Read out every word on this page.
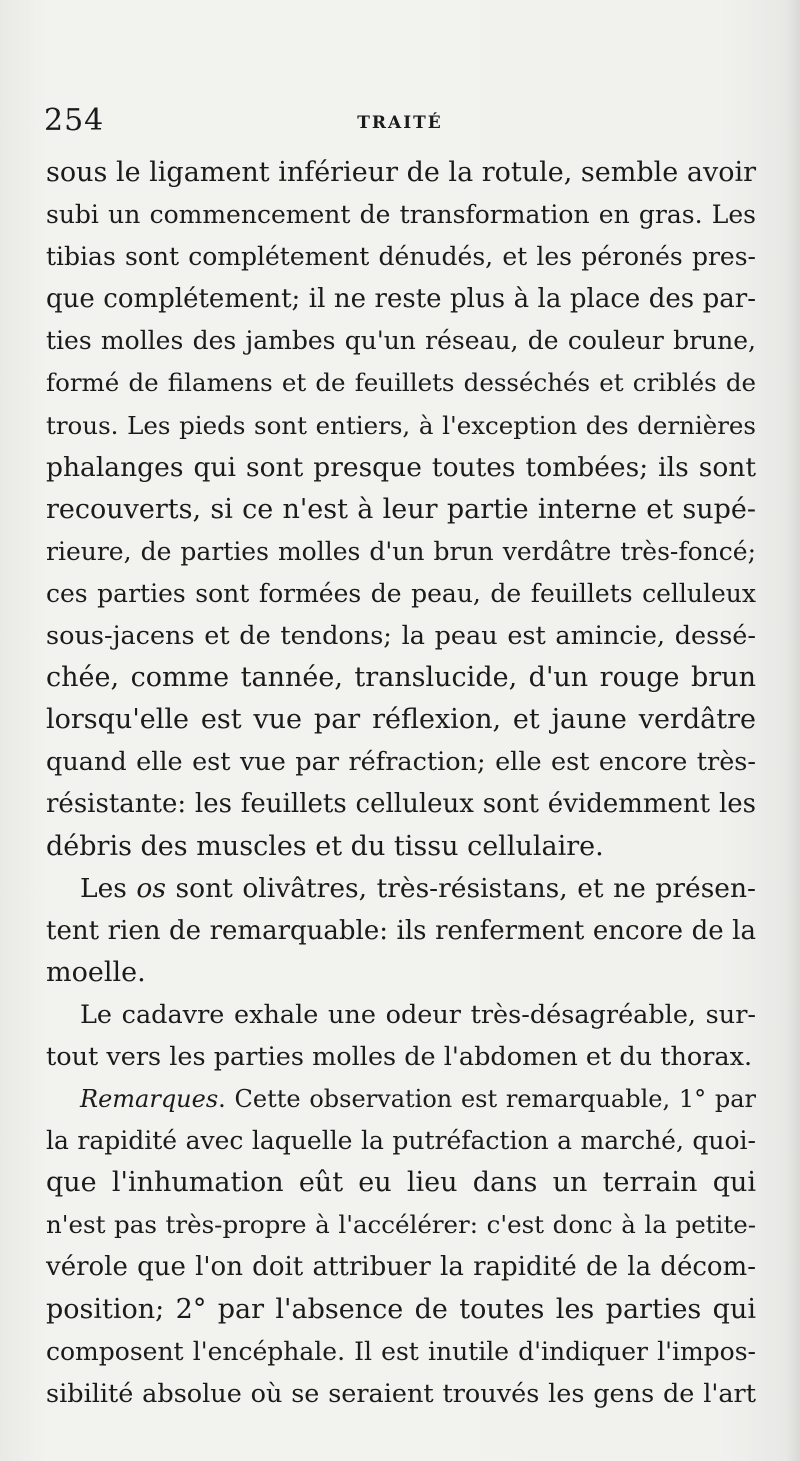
254	TRAITÉ
sous le ligament inférieur de la rotule, semble avoir
subi un commencement de transformation en gras. Les
tibias sont complétement dénudés, et les péronés pres-
que complétement; il ne reste plus à la place des par-
ties molles des jambes qu'un réseau, de couleur brune,
formé de filamens et de feuillets desséchés et criblés de
trous. Les pieds sont entiers, à l'exception des dernières
phalanges qui sont presque toutes tombées; ils sont
recouverts, si ce n'est à leur partie interne et supé-
rieure, de parties molles d'un brun verdâtre très-foncé;
ces parties sont formées de peau, de feuillets celluleux
sous-jacens et de tendons; la peau est amincie, dessé-
chée, comme tannée, translucide, d'un rouge brun
lorsqu'elle est vue par réflexion, et jaune verdâtre
quand elle est vue par réfraction; elle est encore très-
résistante: les feuillets celluleux sont évidemment les
débris des muscles et du tissu cellulaire.
Les os sont olivâtres, très-résistans, et ne présen-
tent rien de remarquable: ils renferment encore de la
moelle.
Le cadavre exhale une odeur très-désagréable, sur-
tout vers les parties molles de l'abdomen et du thorax.
Remarques. Cette observation est remarquable, 1° par
la rapidité avec laquelle la putréfaction a marché, quoi-
que l'inhumation eût eu lieu dans un terrain qui
n'est pas très-propre à l'accélérer: c'est donc à la petite-
vérole que l'on doit attribuer la rapidité de la décom-
position; 2° par l'absence de toutes les parties qui
composent l'encéphale. Il est inutile d'indiquer l'impos-
sibilité absolue où se seraient trouvés les gens de l'art
